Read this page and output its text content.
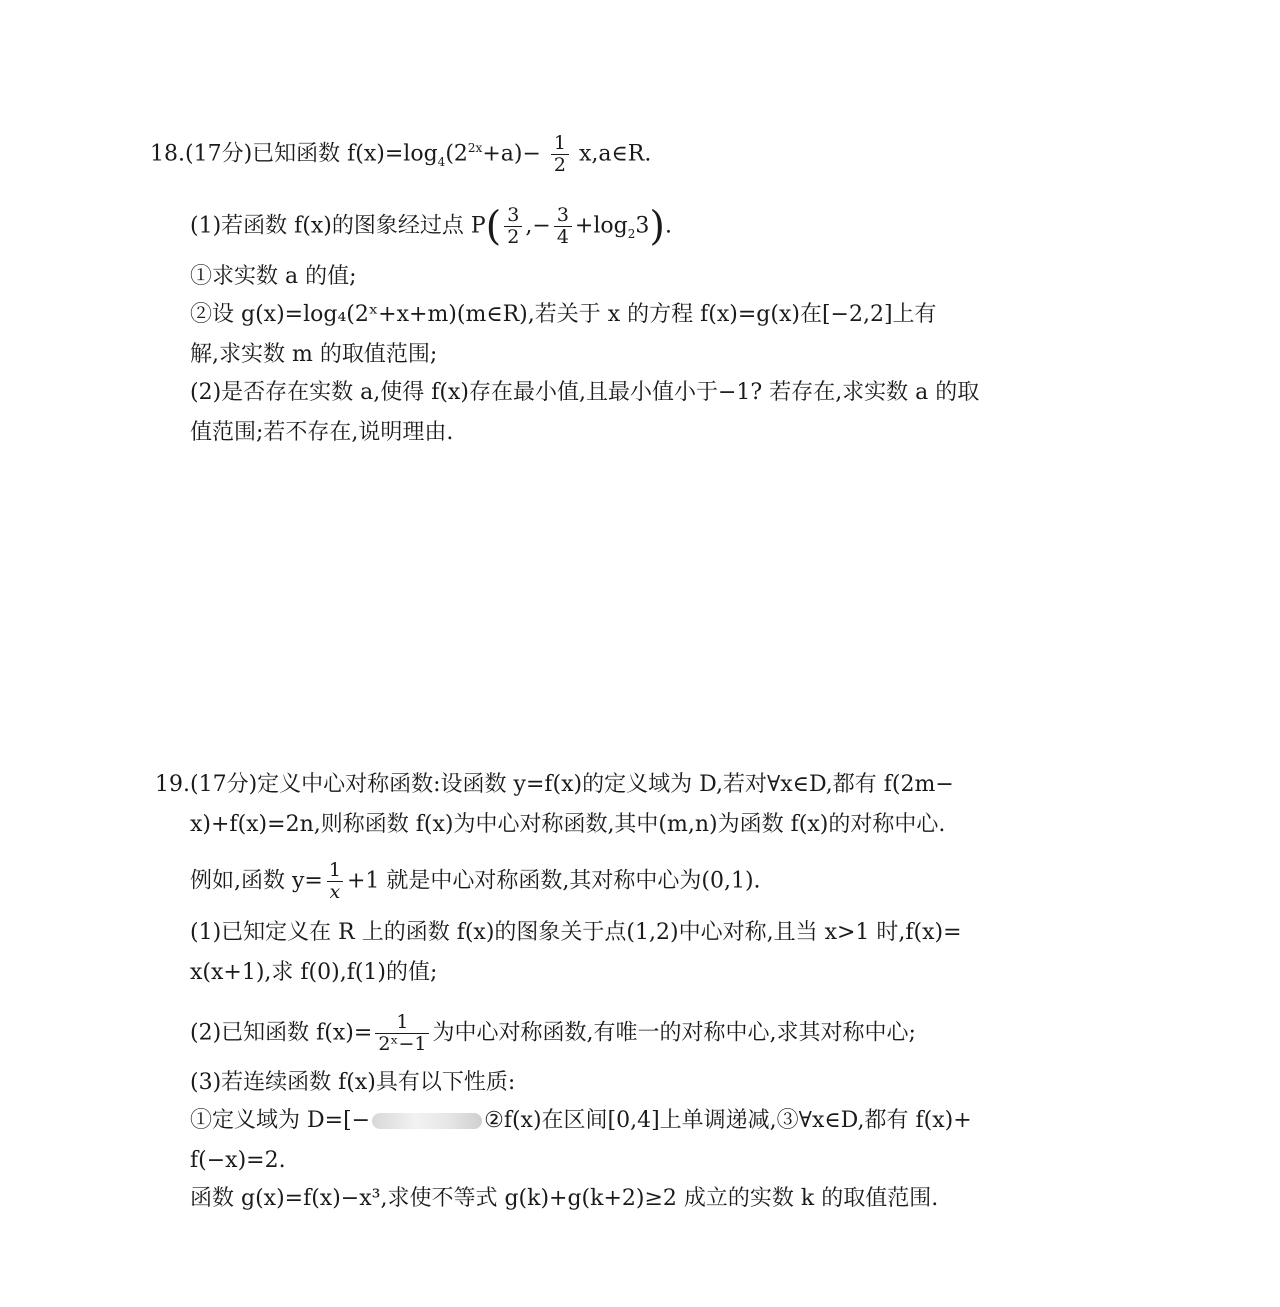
18.(17分)已知函数 $f(x)=\log_4(2^{2x}+a)- \frac{1}{2}$ x,a∈R.
(1)若函数 f(x)的图象经过点 $P( \frac{3}{2}$ ,− $\frac{3}{4} +\log_23$).
①求实数 a 的值;
②设 g(x)=log₄(2ˣ+x+m)(m∈R),若关于 x 的方程 f(x)=g(x)在[−2,2]上有
解,求实数 m 的取值范围;
(2)是否存在实数 a,使得 f(x)存在最小值,且最小值小于−1? 若存在,求实数 a 的取
值范围;若不存在,说明理由.
19.(17分)定义中心对称函数:设函数 y=f(x)的定义域为 D,若对∀x∈D,都有 f(2m−
x)+f(x)=2n,则称函数 f(x)为中心对称函数,其中(m,n)为函数 f(x)的对称中心.
例如,函数 $y= \frac{1}{x} +1$ 就是中心对称函数,其对称中心为(0,1).
(1)已知定义在 R 上的函数 f(x)的图象关于点(1,2)中心对称,且当 x>1 时,f(x)=
x(x+1),求 f(0),f(1)的值;
(2)已知函数 $f(x)= \frac{1}{\text{2ˣ−1}}$ 为中心对称函数,有唯一的对称中心,求其对称中心;
(3)若连续函数 f(x)具有以下性质:
①定义域为 D=[−	②f(x)在区间[0,4]上单调递减,③∀x∈D,都有 f(x)+
f(−x)=2.
函数 g(x)=f(x)−x³,求使不等式 g(k)+g(k+2)≥2 成立的实数 k 的取值范围.
